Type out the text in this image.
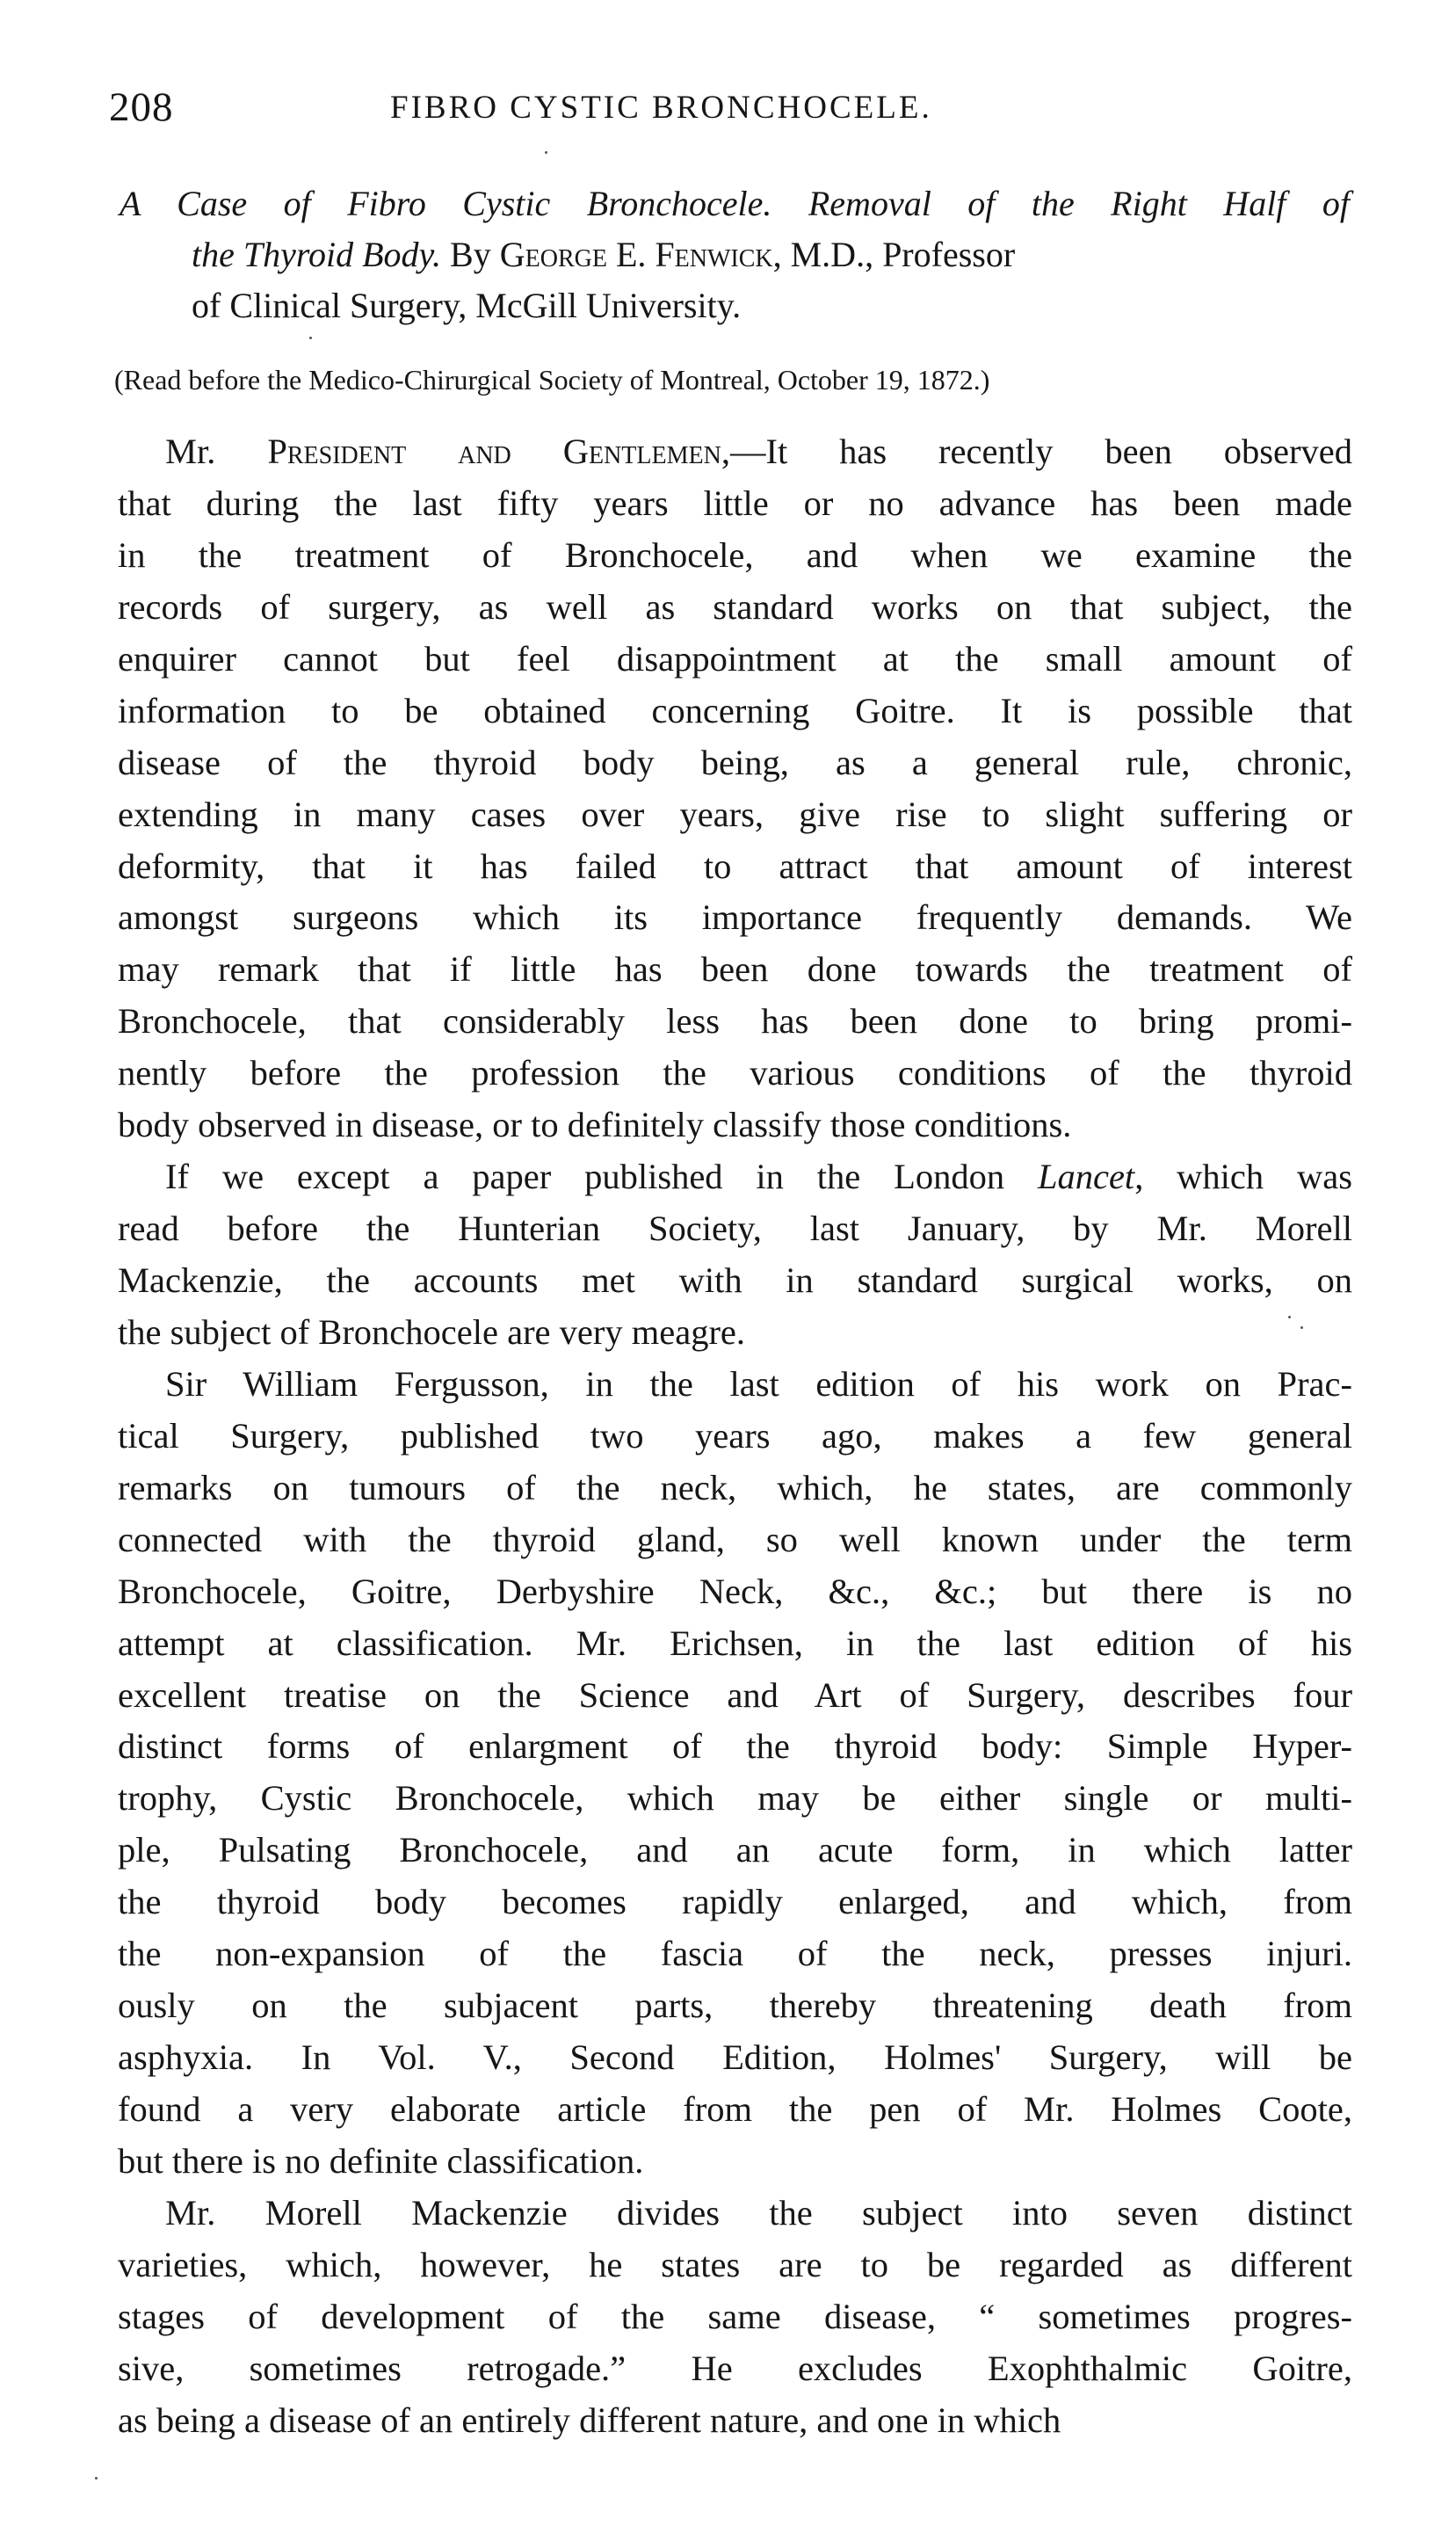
208	FIBRO CYSTIC BRONCHOCELE.
A Case of Fibro Cystic Bronchocele. Removal of the Right Half of
the Thyroid Body. By George E. Fenwick, M.D., Professor
of Clinical Surgery, McGill University.
(Read before the Medico-Chirurgical Society of Montreal, October 19, 1872.)
Mr. President and Gentlemen,—It has recently been observed
that during the last fifty years little or no advance has been made
in the treatment of Bronchocele, and when we examine the
records of surgery, as well as standard works on that subject, the
enquirer cannot but feel disappointment at the small amount of
information to be obtained concerning Goitre. It is possible that
disease of the thyroid body being, as a general rule, chronic,
extending in many cases over years, give rise to slight suffering or
deformity, that it has failed to attract that amount of interest
amongst surgeons which its importance frequently demands. We
may remark that if little has been done towards the treatment of
Bronchocele, that considerably less has been done to bring promi-
nently before the profession the various conditions of the thyroid
body observed in disease, or to definitely classify those conditions.
If we except a paper published in the London Lancet, which was
read before the Hunterian Society, last January, by Mr. Morell
Mackenzie, the accounts met with in standard surgical works, on
the subject of Bronchocele are very meagre.
Sir William Fergusson, in the last edition of his work on Prac-
tical Surgery, published two years ago, makes a few general
remarks on tumours of the neck, which, he states, are commonly
connected with the thyroid gland, so well known under the term
Bronchocele, Goitre, Derbyshire Neck, &c., &c.; but there is no
attempt at classification. Mr. Erichsen, in the last edition of his
excellent treatise on the Science and Art of Surgery, describes four
distinct forms of enlargment of the thyroid body: Simple Hyper-
trophy, Cystic Bronchocele, which may be either single or multi-
ple, Pulsating Bronchocele, and an acute form, in which latter
the thyroid body becomes rapidly enlarged, and which, from
the non-expansion of the fascia of the neck, presses injuri.
ously on the subjacent parts, thereby threatening death from
asphyxia. In Vol. V., Second Edition, Holmes' Surgery, will be
found a very elaborate article from the pen of Mr. Holmes Coote,
but there is no definite classification.
Mr. Morell Mackenzie divides the subject into seven distinct
varieties, which, however, he states are to be regarded as different
stages of development of the same disease, “ sometimes progres-
sive, sometimes retrogade.” He excludes Exophthalmic Goitre,
as being a disease of an entirely different nature, and one in which
